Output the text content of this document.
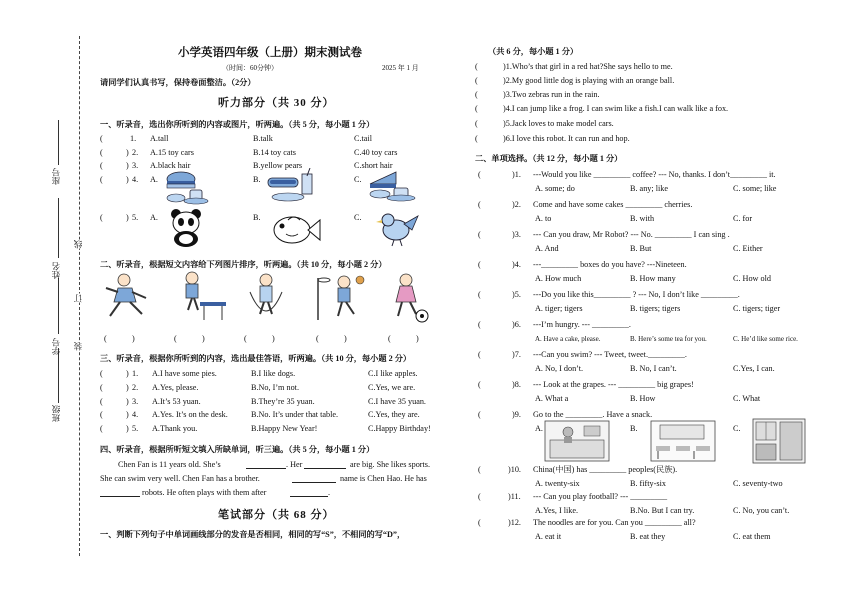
班级
学号
姓名
座号
装
订
线
小学英语四年级（上册）期末测试卷
（时间：60分钟）	2025 年 1 月
请同学们认真书写，保持卷面整洁。（2分）
听力部分（共 30 分）
一、听录音，选出你所听到的内容或图片，听两遍。（共 5 分，每小题 1 分）
(	1. A.tall	B.talk	C.tail
(	) 2. A.15 toy cars	B.14 toy cats	C.40 toy cars
(	) 3. A.black hair	B.yellow pears	C.short hair
(	) 4. A.	B.	C.
(	) 5. A.	B.	C.
二、听录音，根据短文内容给下列图片排序，听两遍。（共 10 分，每小题 2 分）
(	)	(	)	(	)	(	)	(	)
三、听录音，根据你所听到的内容，选出最佳答语，听两遍。（共 10 分，每小题 2 分）
(	) 1. A.I have some pies.	B.I like dogs.	C.I like apples.
(	) 2. A.Yes, please.	B.No, I’m not.	C.Yes, we are.
(	) 3. A.It’s 53 yuan.	B.They’re 35 yuan.	C.I have 35 yuan.
(	) 4. A.Yes. It’s on the desk.	B.No. It’s under that table.	C.Yes, they are.
(	) 5. A.Thank you.	B.Happy New Year!	C.Happy Birthday!
四、听录音，根据所听短文填入所缺单词，听三遍。（共 5 分，每小题 1 分）
Chen Fan is 11 years old. She’s	. Her	are big. She likes sports.
She can swim very well. Chen Fan has a brother.	name is Chen Hao. He has
robots. He often plays with them after	.
笔试部分（共 68 分）
一、判断下列句子中单词画线部分的发音是否相同，相同的写“S”，不相同的写“D”，
（共 6 分，每小题 1 分）
(	)1.Who’s that girl in a red hat?She says hello to me.
(	)2.My good little dog is playing with an orange ball.
(	)3.Two zebras run in the rain.
(	)4.I can jump like a frog. I can swim like a fish.I can walk like a fox.
(	)5.Jack loves to make model cars.
(	)6.I love this robot. It can run and hop.
二、单项选择。（共 12 分，每小题 1 分）
(	)1. ---Would you like _________ coffee? --- No, thanks. I don’t_________ it.
A. some; do	B. any; like	C. some; like
(	)2. Come and have some cakes _________ cherries.
A. to	B. with	C. for
(	)3. --- Can you draw, Mr Robot? --- No. _________ I can sing .
A. And	B. But	C. Either
(	)4. ---_________ boxes do you have? ---Nineteen.
A. How much	B. How many	C. How old
(	)5. ---Do you like this_________ ? --- No, I don’t like _________.
A. tiger; tigers	B. tigers; tigers	C. tigers; tiger
(	)6. ---I’m hungry. --- _________.
A. Have a cake, please.	B. Here’s some tea for you.	C. He’d like some rice.
(	)7. ---Can you swim? --- Tweet, tweet._________.
A. No, I don’t.	B. No, I can’t.	C.Yes, I can.
(	)8. --- Look at the grapes. --- _________ big grapes!
A. What a	B. How	C. What
(	)9. Go to the _________. Have a snack.
A.	B.	C.
(	)10. China(中国) has _________ peoples(民族).
A. twenty-six	B. fifty-six	C. seventy-two
(	)11. --- Can you play football? --- _________
A.Yes, I like.	B.No. But I can try.	C. No, you can’t.
(	)12. The noodles are for you. Can you _________ all?
A. eat it	B. eat they	C. eat them
